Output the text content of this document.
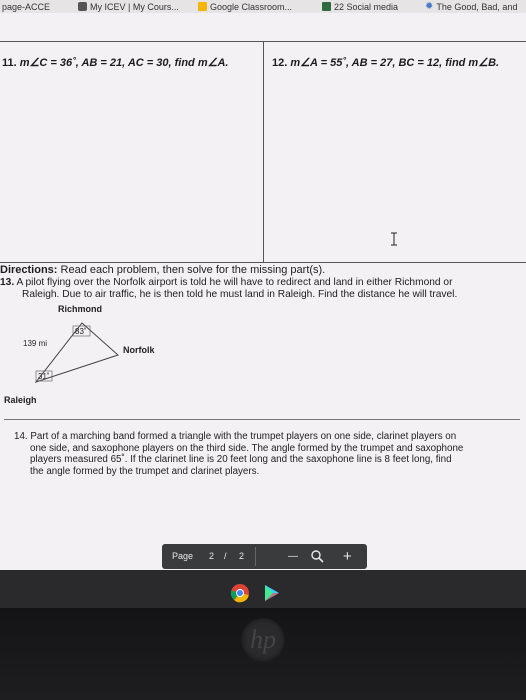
page-ACCE	My ICEV | My Cours...	Google Classroom...	22 Social media	✹ The Good, Bad, and
11. m∠C = 36˚, AB = 21, AC = 30, find m∠A.	12. m∠A = 55˚, AB = 27, BC = 12, find m∠B.
Directions: Read each problem, then solve for the missing part(s).
13. A pilot flying over the Norfolk airport is told he will have to redirect and land in either Richmond or
Raleigh. Due to air traffic, he is then told he must land in Raleigh. Find the distance he will travel.
Richmond
83˚
Norfolk
139 mi
31˚
Raleigh
14. Part of a marching band formed a triangle with the trumpet players on one side, clarinet players on
one side, and saxophone players on the third side. The angle formed by the trumpet and saxophone
players measured 65˚. If the clarinet line is 20 feet long and the saxophone line is 8 feet long, find
the angle formed by the trumpet and clarinet players.
Page 2 / 2	—	+
hp
